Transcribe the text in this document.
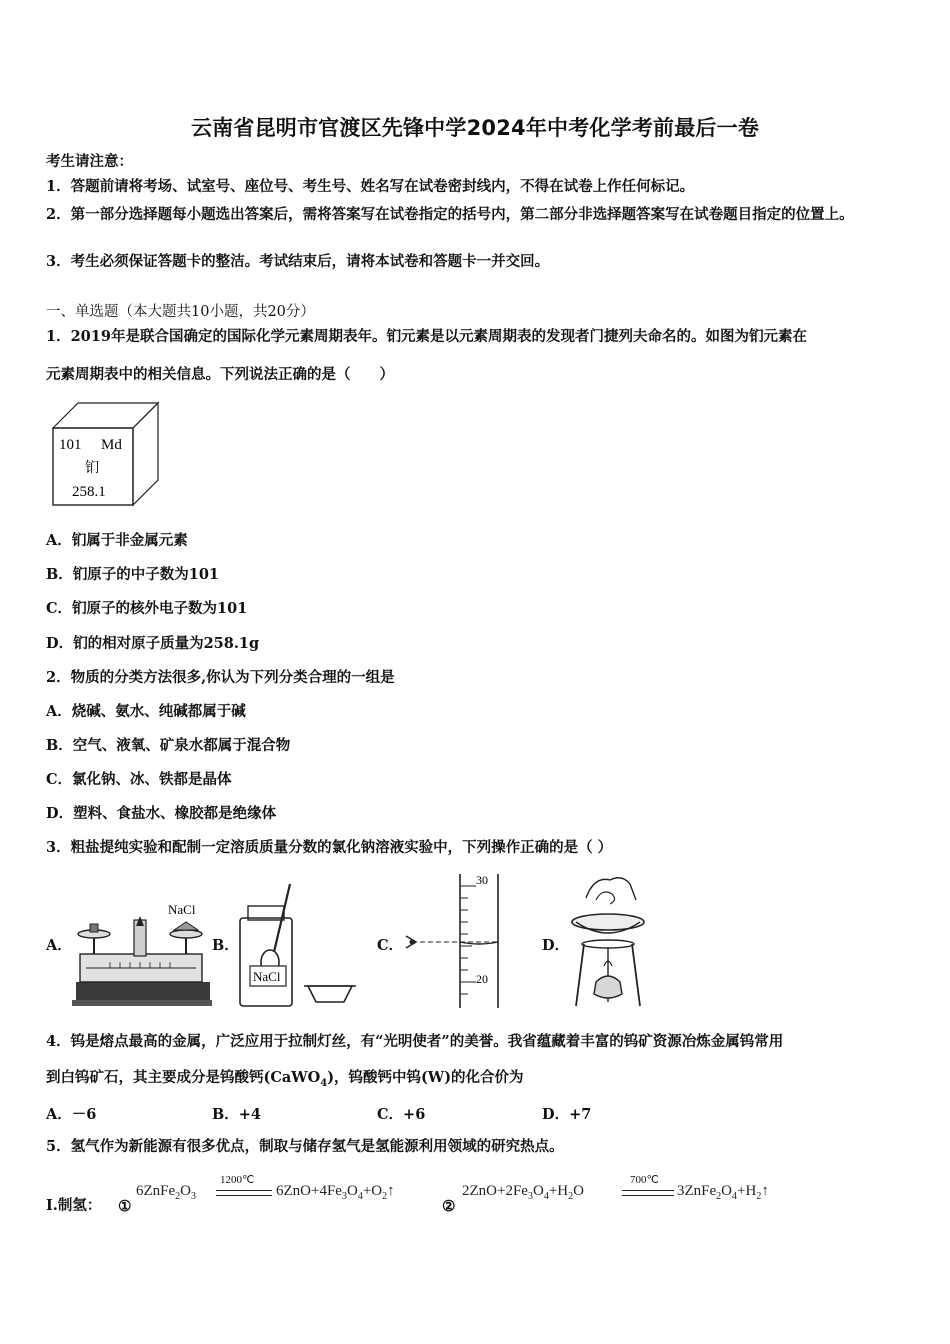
云南省昆明市官渡区先锋中学2024年中考化学考前最后一卷
考生请注意：
1．答题前请将考场、试室号、座位号、考生号、姓名写在试卷密封线内，不得在试卷上作任何标记。
2．第一部分选择题每小题选出答案后，需将答案写在试卷指定的括号内，第二部分非选择题答案写在试卷题目指定的位置上。
3．考生必须保证答题卡的整洁。考试结束后，请将本试卷和答题卡一并交回。
一、单选题（本大题共10小题，共20分）
1．2019年是联合国确定的国际化学元素周期表年。钔元素是以元素周期表的发现者门捷列夫命名的。如图为钔元素在
元素周期表中的相关信息。下列说法正确的是（　　）
101 Md
钔
258.1
A．钔属于非金属元素
B．钔原子的中子数为101
C．钔原子的核外电子数为101
D．钔的相对原子质量为258.1g
2．物质的分类方法很多,你认为下列分类合理的一组是
A．烧碱、氨水、纯碱都属于碱
B．空气、液氧、矿泉水都属于混合物
C．氯化钠、冰、铁都是晶体
D．塑料、食盐水、橡胶都是绝缘体
3．粗盐提纯实验和配制一定溶质质量分数的氯化钠溶液实验中，下列操作正确的是（ ）
A．
NaCl
B．
NaCl
C．
30
20
D．
4．钨是熔点最高的金属，广泛应用于拉制灯丝，有“光明使者”的美誉。我省蕴藏着丰富的钨矿资源冶炼金属钨常用
到白钨矿石，其主要成分是钨酸钙(CaWO$_4$)，钨酸钙中钨(W)的化合价为
A．－6	B．+4	C．+6	D．+7
5．氢气作为新能源有很多优点，制取与储存氢气是氢能源利用领域的研究热点。
Ⅰ.制氢： ①
$6ZnFe_2O_3$
1200℃
$6ZnO+4Fe_3O_4+O_2↑$
②
$2ZnO+2Fe_3O_4+H_2O$
700℃
$3ZnFe_2O_4+H_2↑$
